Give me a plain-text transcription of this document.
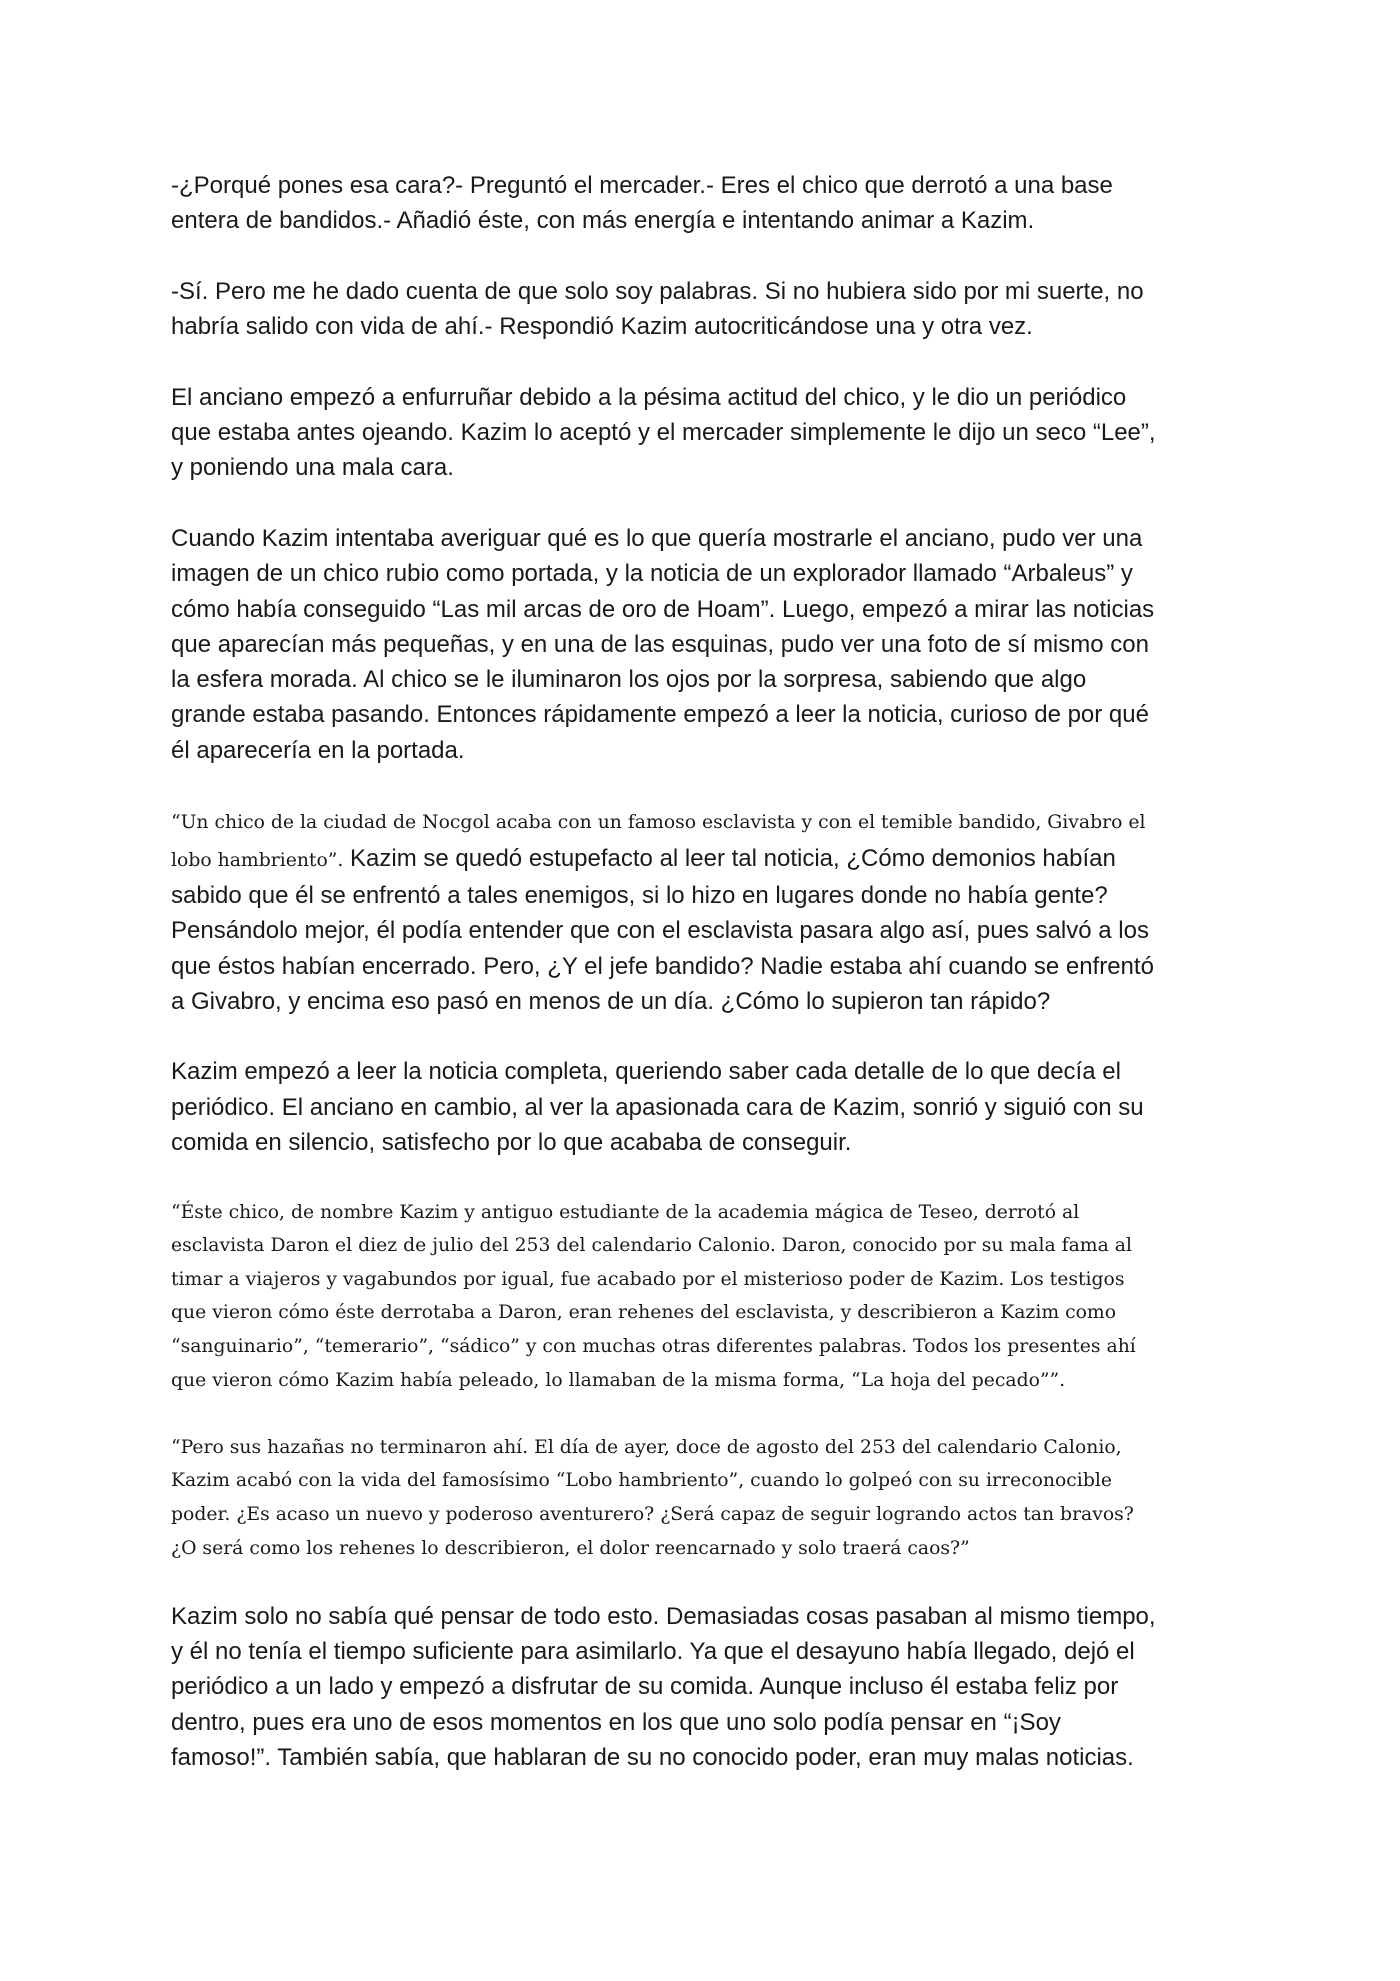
-¿Porqué pones esa cara?- Preguntó el mercader.- Eres el chico que derrotó a una base
entera de bandidos.- Añadió éste, con más energía e intentando animar a Kazim.

-Sí. Pero me he dado cuenta de que solo soy palabras. Si no hubiera sido por mi suerte, no
habría salido con vida de ahí.- Respondió Kazim autocriticándose una y otra vez.

El anciano empezó a enfurruñar debido a la pésima actitud del chico, y le dio un periódico
que estaba antes ojeando. Kazim lo aceptó y el mercader simplemente le dijo un seco “Lee”,
y poniendo una mala cara.

Cuando Kazim intentaba averiguar qué es lo que quería mostrarle el anciano, pudo ver una
imagen de un chico rubio como portada, y la noticia de un explorador llamado “Arbaleus” y
cómo había conseguido “Las mil arcas de oro de Hoam”. Luego, empezó a mirar las noticias
que aparecían más pequeñas, y en una de las esquinas, pudo ver una foto de sí mismo con
la esfera morada. Al chico se le iluminaron los ojos por la sorpresa, sabiendo que algo
grande estaba pasando. Entonces rápidamente empezó a leer la noticia, curioso de por qué
él aparecería en la portada.

“Un chico de la ciudad de Nocgol acaba con un famoso esclavista y con el temible bandido, Givabro el
lobo hambriento”. Kazim se quedó estupefacto al leer tal noticia, ¿Cómo demonios habían
sabido que él se enfrentó a tales enemigos, si lo hizo en lugares donde no había gente?
Pensándolo mejor, él podía entender que con el esclavista pasara algo así, pues salvó a los
que éstos habían encerrado. Pero, ¿Y el jefe bandido? Nadie estaba ahí cuando se enfrentó
a Givabro, y encima eso pasó en menos de un día. ¿Cómo lo supieron tan rápido?

Kazim empezó a leer la noticia completa, queriendo saber cada detalle de lo que decía el
periódico. El anciano en cambio, al ver la apasionada cara de Kazim, sonrió y siguió con su
comida en silencio, satisfecho por lo que acababa de conseguir.

“Éste chico, de nombre Kazim y antiguo estudiante de la academia mágica de Teseo, derrotó al
esclavista Daron el diez de julio del 253 del calendario Calonio. Daron, conocido por su mala fama al
timar a viajeros y vagabundos por igual, fue acabado por el misterioso poder de Kazim. Los testigos
que vieron cómo éste derrotaba a Daron, eran rehenes del esclavista, y describieron a Kazim como
“sanguinario”, “temerario”, “sádico” y con muchas otras diferentes palabras. Todos los presentes ahí
que vieron cómo Kazim había peleado, lo llamaban de la misma forma, “La hoja del pecado””.

“Pero sus hazañas no terminaron ahí. El día de ayer, doce de agosto del 253 del calendario Calonio,
Kazim acabó con la vida del famosísimo “Lobo hambriento”, cuando lo golpeó con su irreconocible
poder. ¿Es acaso un nuevo y poderoso aventurero? ¿Será capaz de seguir logrando actos tan bravos?
¿O será como los rehenes lo describieron, el dolor reencarnado y solo traerá caos?”

Kazim solo no sabía qué pensar de todo esto. Demasiadas cosas pasaban al mismo tiempo,
y él no tenía el tiempo suficiente para asimilarlo. Ya que el desayuno había llegado, dejó el
periódico a un lado y empezó a disfrutar de su comida. Aunque incluso él estaba feliz por
dentro, pues era uno de esos momentos en los que uno solo podía pensar en “¡Soy
famoso!”. También sabía, que hablaran de su no conocido poder, eran muy malas noticias.
